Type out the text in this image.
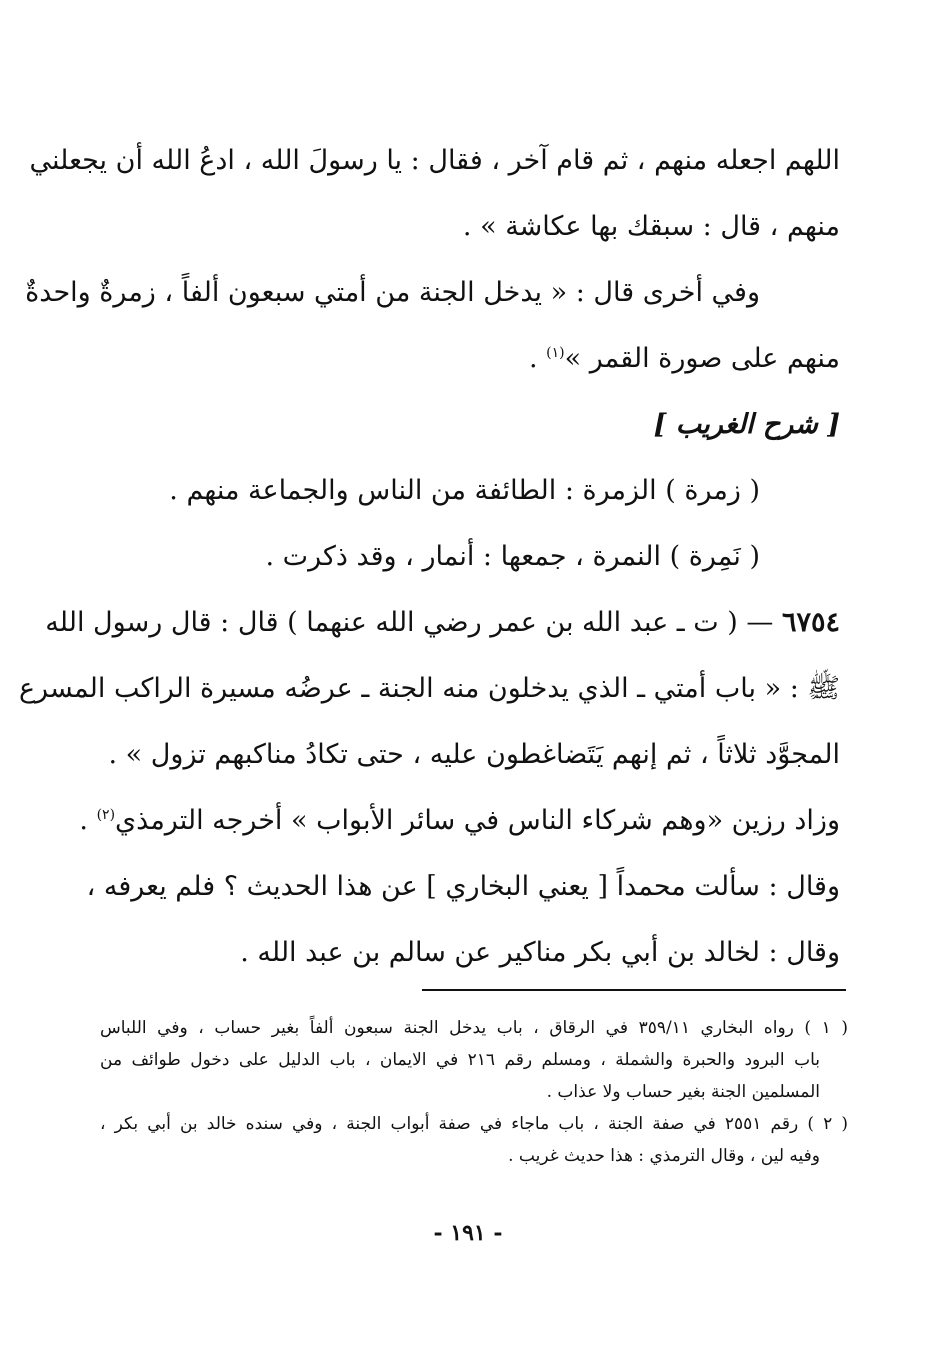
اللهم اجعله منهم ، ثم قام آخر ، فقال : يا رسولَ الله ، ادعُ الله أن يجعلني
منهم ، قال : سبقك بها عكاشة » .
وفي أخرى قال : « يدخل الجنة من أمتي سبعون ألفاً ، زمرةٌ واحدةٌ
منهم على صورة القمر »$^{(١)}$ .
[ شرح الغريب ]
( زمرة ) الزمرة : الطائفة من الناس والجماعة منهم .
( نَمِرة ) النمرة ، جمعها : أنمار ، وقد ذكرت .
٦٧٥٤ — ( ت ـ عبد الله بن عمر رضي الله عنهما ) قال : قال رسول الله
ﷺ : « باب أمتي ـ الذي يدخلون منه الجنة ـ عرضُه مسيرة الراكب المسرع
المجوَّد ثلاثاً ، ثم إنهم يَتَضاغطون عليه ، حتى تكادُ مناكبهم تزول » .
وزاد رزين «وهم شركاء الناس في سائر الأبواب » أخرجه الترمذي$^{(٢)}$ .
وقال : سألت محمداً [ يعني البخاري ] عن هذا الحديث ؟ فلم يعرفه ،
وقال : لخالد بن أبي بكر مناكير عن سالم بن عبد الله .
( ١ ) رواه البخاري ٣٥٩/١١ في الرقاق ، باب يدخل الجنة سبعون ألفاً بغير حساب ، وفي اللباس
باب البرود والحبرة والشملة ، ومسلم رقم ٢١٦ في الايمان ، باب الدليل على دخول طوائف من
المسلمين الجنة بغير حساب ولا عذاب .
( ٢ ) رقم ٢٥٥١ في صفة الجنة ، باب ماجاء في صفة أبواب الجنة ، وفي سنده خالد بن أبي بكر ،
وفيه لين ، وقال الترمذي : هذا حديث غريب .
- ١٩١ -
